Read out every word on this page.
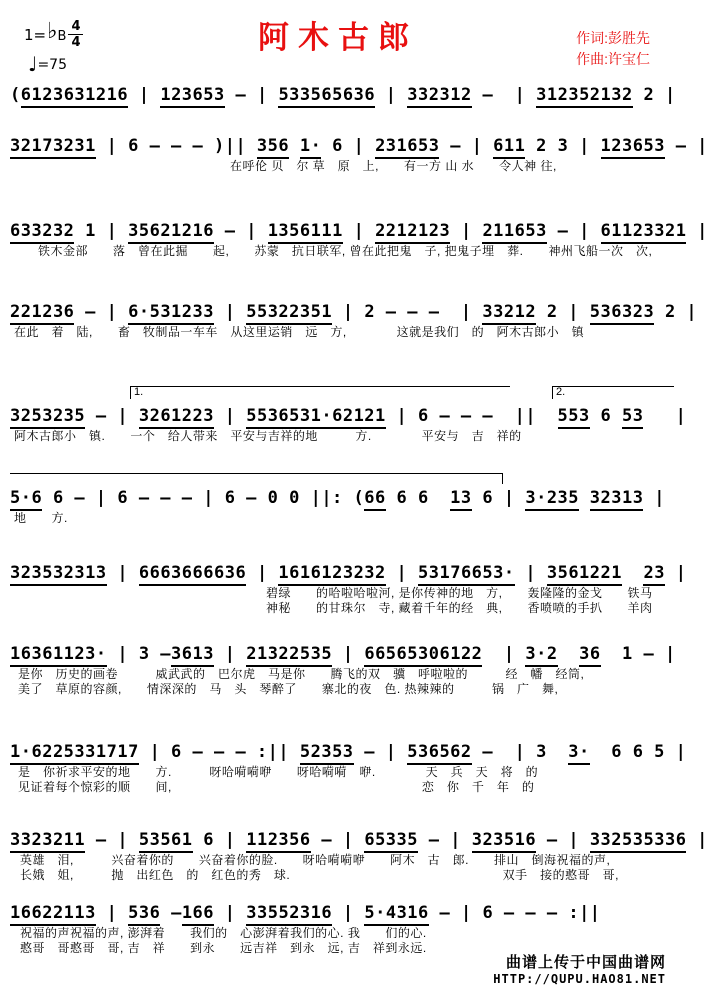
1= ♭ B $\frac{4}{4}$
♩=75
阿木古郎	作词:彭胜先
作曲:许宝仁
(6123631216 | 123653 – | 533565636 | 332312 –  | 312352132 2 |
32173231 | 6 – – – )|| 356 1· 6 | 231653 – | 611 2 3 | 123653 – |
在呼伦 贝　尔 草　原　上,　　有一方 山 水　　令人神 往,
633232 1 | 35621216 – | 1356111 | 2212123 | 211653 – | 61123321 |
铁木金部　　落　曾在此掘　　起,　　苏蒙　抗日联军, 曾在此把鬼　子, 把鬼子埋　葬.　　神州飞船一次　次,
221236 – | 6·531233 | 55322351 | 2 – – –  | 33212 2 | 536323 2 |
在此　着　陆,　　畜　牧制品一车车　从这里运销　远　方,　　　　这就是我们　的　阿木古郎小　镇
1.	2.
3253235 – | 3261223 | 5536531·62121 | 6 – – –  ||  553 6 53   |
阿木古郎小　镇.　　一个　给人带来　平安与吉祥的地　　　方.　　　　平安与　吉　祥的
5·6 6 – | 6 – – – | 6 – 0 0 ||: (66 6 6  13 6 | 3·235 32313 |
地　　方.
323532313 | 6663666636 | 1616123232 | 53176653· | 3561221 23 |
碧绿　　的哈啦哈啦河, 是你传神的地　方,　　轰隆隆的金戈　　铁马
神秘　　的甘珠尔　寺, 藏着千年的经　典,　　香喷喷的手扒　　羊肉
16361123· | 3 –3613 | 21322535 | 66565306122  | 3·2 36  1 – |
是你　历史的画卷　　　威武武的　巴尔虎　马是你　　腾飞的双　骥　呼啦啦的　　　经　幡　经筒,
美了　草原的容颜,　　情深深的　马　头　琴醉了　　寨北的夜　色. 热辣辣的　　　锅　广　舞,
1·6225331717 | 6 – – – :|| 52353 – | 536562 –  | 3  3·  6 6 5 |
是　你祈求平安的地　　方.　　　呀哈嗬嗬咿　　呀哈嗬嗬　咿.　　　　天　兵　天　将　的
见证着每个惊彩的顺　　间,　　　　　　　　　　　　　　　　　　　　恋　你　千　年　的
3323211 – | 53561 6 | 112356 – | 65335 – | 323516 – | 332535336 |
英雄　泪,　　　兴奋着你的　　兴奋着你的脸.　　呀哈嗬嗬咿　　阿木　古　郎.　　排山　倒海祝福的声,
长娥　姐,　　　抛　出红色　的　红色的秀　球.　　　　　　　　　　　　　　　　　双手　接的憨哥　哥,
16622113 | 536 –166 | 33552316 | 5·4316 – | 6 – – – :||
祝福的声祝福的声, 澎湃着　　我们的　心澎湃着我们的心. 我　　们的心.
憨哥　哥憨哥　哥, 吉　祥　　到永　　远吉祥　到永　远, 吉　祥到永远.
曲谱上传于中国曲谱网
HTTP://QUPU.HAO81.NET
